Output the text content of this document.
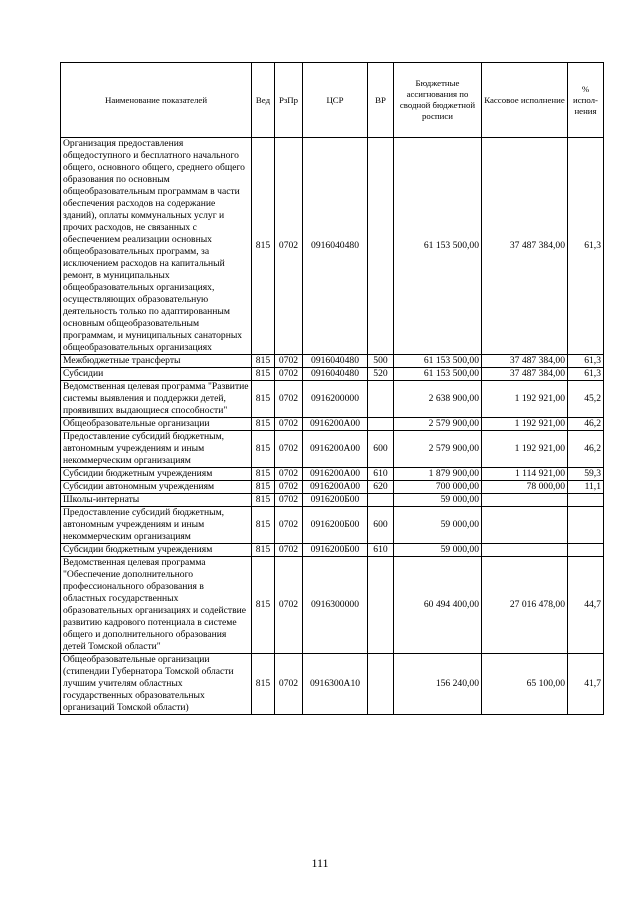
Наименование показателей	Вед	РзПр	ЦСР	ВР	Бюджетные ассигнования по сводной бюджетной росписи	Кассовое исполнение	% испол-нения
Организация предоставления общедоступного и бесплатного начального общего, основного общего, среднего общего образования по основным общеобразовательным программам в части обеспечения расходов на содержание зданий), оплаты коммунальных услуг и прочих расходов, не связанных с обеспечением реализации основных общеобразовательных программ, за исключением расходов на капитальный ремонт, в муниципальных общеобразовательных организациях, осуществляющих образовательную деятельность только по адаптированным основным общеобразовательным программам, и муниципальных санаторных общеобразовательных организациях	815	0702	0916040480		61 153 500,00	37 487 384,00	61,3
Межбюджетные трансферты	815	0702	0916040480	500	61 153 500,00	37 487 384,00	61,3
Субсидии	815	0702	0916040480	520	61 153 500,00	37 487 384,00	61,3
Ведомственная целевая программа "Развитие системы выявления и поддержки детей, проявивших выдающиеся способности"	815	0702	0916200000		2 638 900,00	1 192 921,00	45,2
Общеобразовательные организации	815	0702	0916200А00		2 579 900,00	1 192 921,00	46,2
Предоставление субсидий бюджетным, автономным учреждениям и иным некоммерческим организациям	815	0702	0916200А00	600	2 579 900,00	1 192 921,00	46,2
Субсидии бюджетным учреждениям	815	0702	0916200А00	610	1 879 900,00	1 114 921,00	59,3
Субсидии автономным учреждениям	815	0702	0916200А00	620	700 000,00	78 000,00	11,1
Школы-интернаты	815	0702	0916200Б00		59 000,00		
Предоставление субсидий бюджетным, автономным учреждениям и иным некоммерческим организациям	815	0702	0916200Б00	600	59 000,00		
Субсидии бюджетным учреждениям	815	0702	0916200Б00	610	59 000,00		
Ведомственная целевая программа "Обеспечение дополнительного профессионального образования в областных государственных образовательных организациях и содействие развитию кадрового потенциала в системе общего и дополнительного образования детей Томской области"	815	0702	0916300000		60 494 400,00	27 016 478,00	44,7
Общеобразовательные организации (стипендии Губернатора Томской области лучшим учителям областных государственных образовательных организаций Томской области)	815	0702	0916300А10		156 240,00	65 100,00	41,7
111
